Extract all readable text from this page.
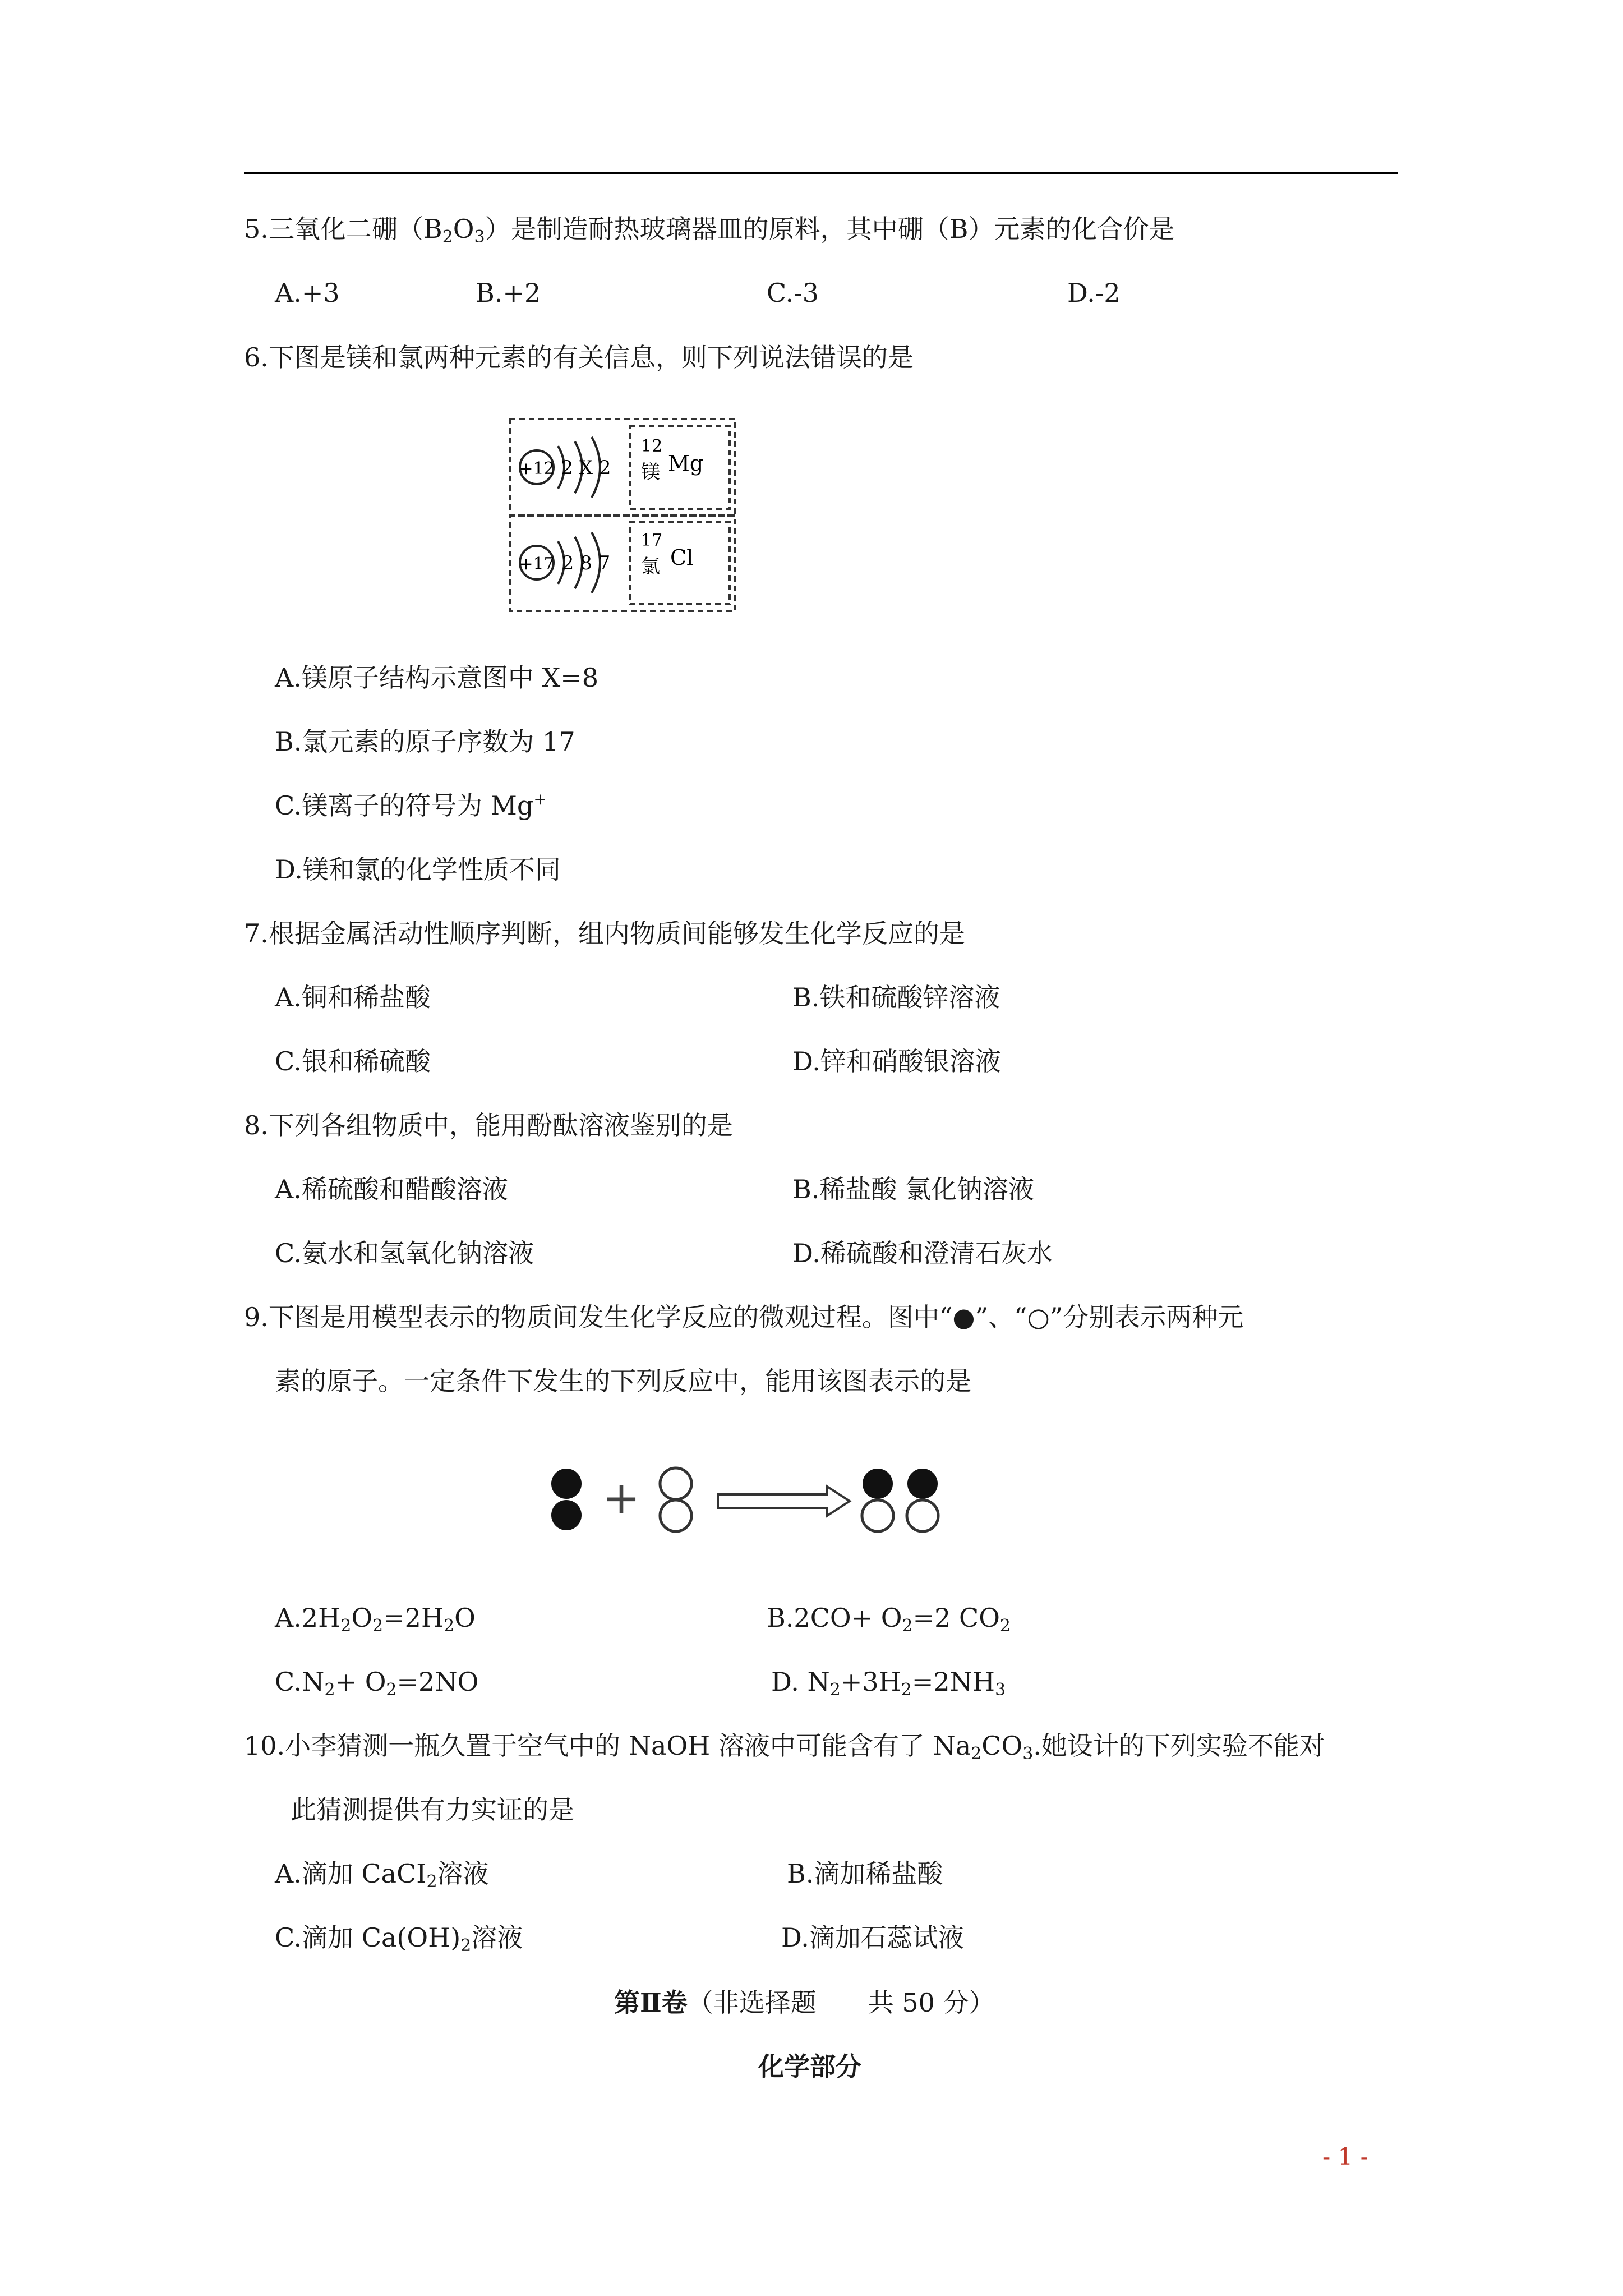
5.三氧化二硼$(B_2O_3)$是制造耐热玻璃器皿的原料，其中硼（B）元素的化合价是
A.+3	B.+2	C.-3	D.-2
6.下图是镁和氯两种元素的有关信息，则下列说法错误的是
+12 2 X 2
12
镁 Mg
+17 2 8 7
17
氯 Cl
A.镁原子结构示意图中 X=8
B.氯元素的原子序数为 17
C.镁离子的符号为 Mg+
D.镁和氯的化学性质不同
7.根据金属活动性顺序判断，组内物质间能够发生化学反应的是
A.铜和稀盐酸	B.铁和硫酸锌溶液
C.银和稀硫酸	D.锌和硝酸银溶液
8.下列各组物质中，能用酚酞溶液鉴别的是
A.稀硫酸和醋酸溶液	B.稀盐酸 氯化钠溶液
C.氨水和氢氧化钠溶液	D.稀硫酸和澄清石灰水
9.下图是用模型表示的物质间发生化学反应的微观过程。图中“●”、“○”分别表示两种元
素的原子。一定条件下发生的下列反应中，能用该图表示的是
+
$A.2H_2O_2=2H_2O$	$B.2CO+ O_2=2$ $CO_2$
$C.N_2+ O_2=2NO$	D. $N_2+3H_2=2NH_3$
10.小李猜测一瓶久置于空气中的 NaOH 溶液中可能含有了 $Na_2CO_3$.她设计的下列实验不能对
此猜测提供有力实证的是
A.滴加 CaCI$_2$溶液	B.滴加稀盐酸
C.滴加 $Ca(OH)_2$溶液	D.滴加石蕊试液
第Ⅱ卷（非选择题　　共 50 分）
化学部分
- 1 -
